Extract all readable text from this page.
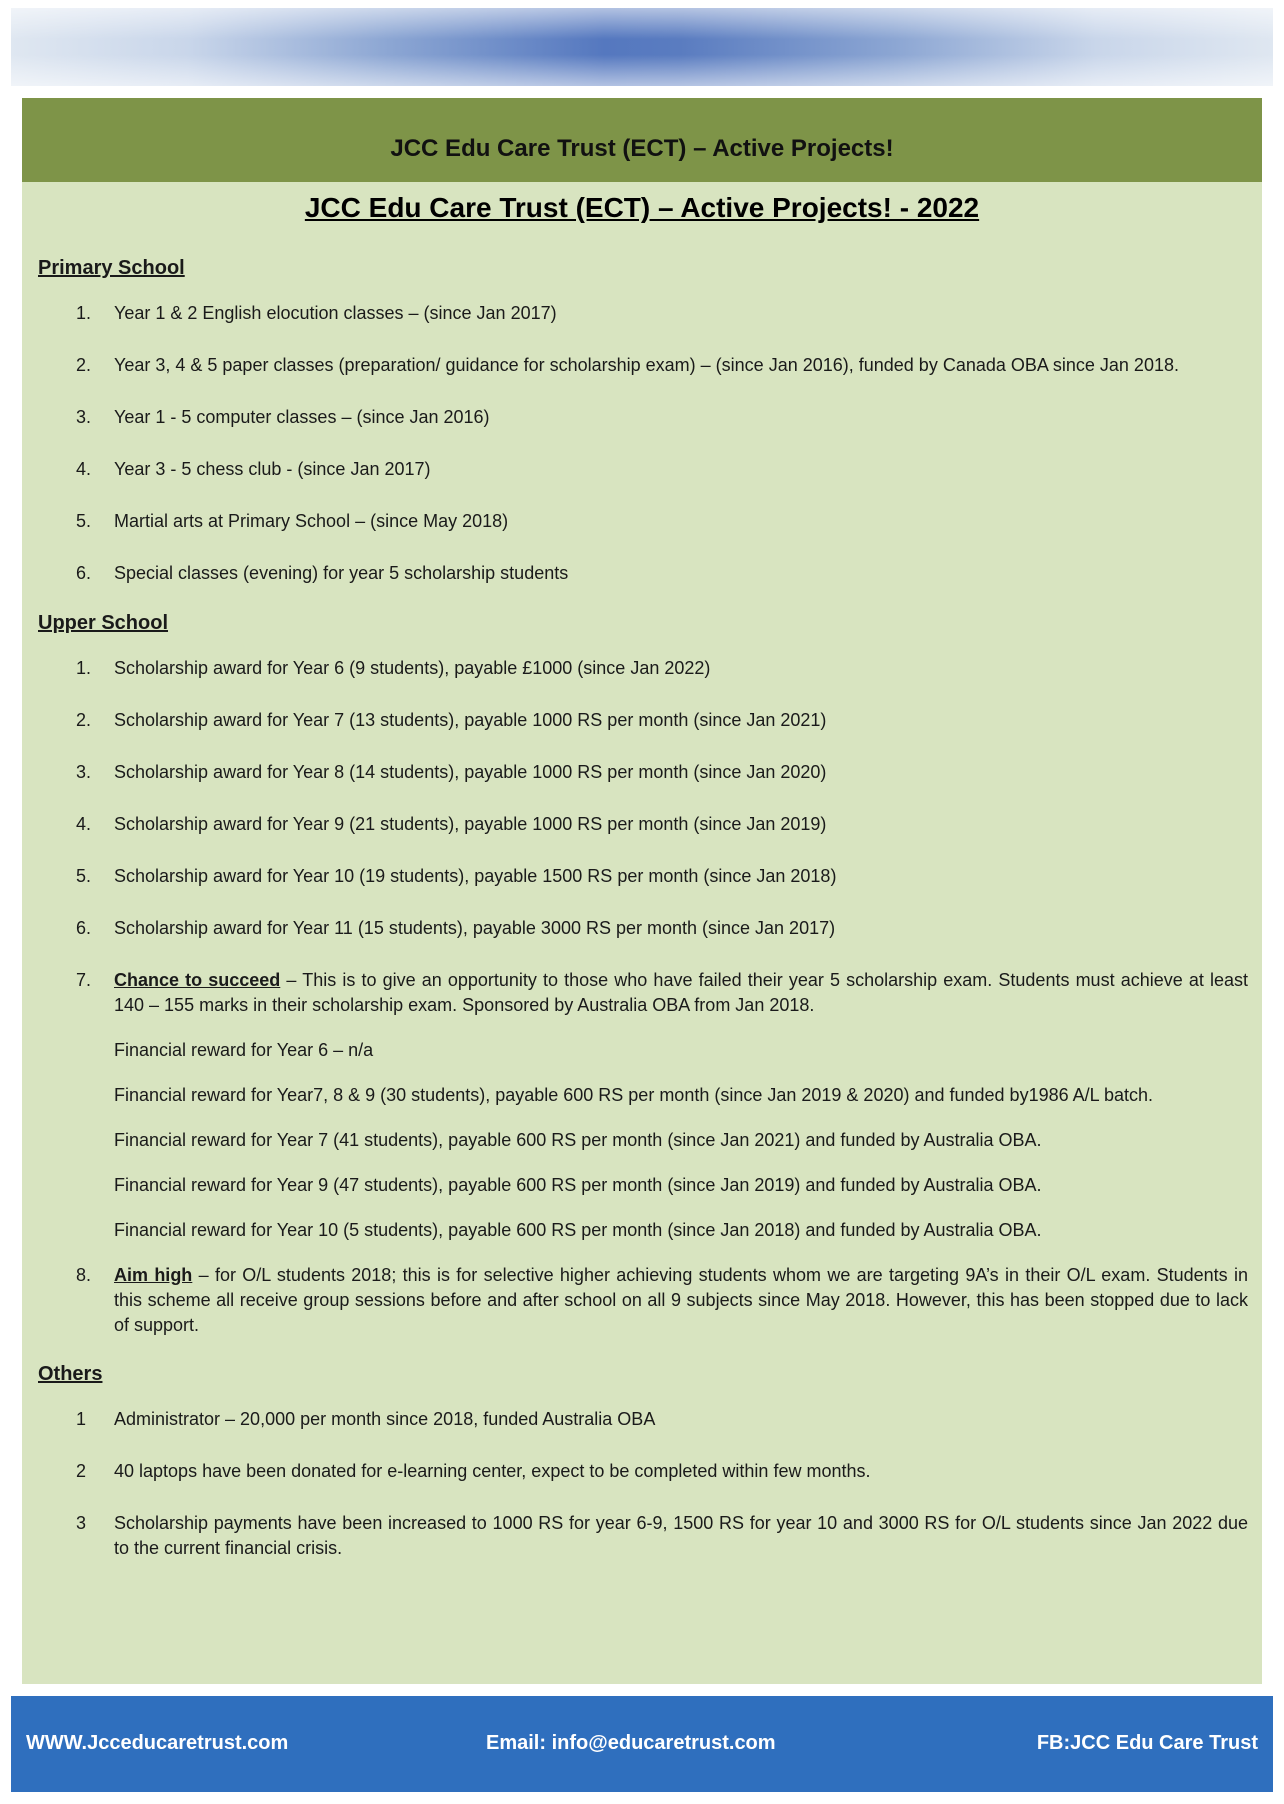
JCC Edu Care Trust (ECT) – Active Projects!
JCC Edu Care Trust (ECT) – Active Projects! - 2022
Primary School
1.	Year 1 & 2 English elocution classes – (since Jan 2017)
2.	Year 3, 4 & 5 paper classes (preparation/ guidance for scholarship exam) – (since Jan 2016), funded by Canada OBA since Jan 2018.
3.	Year 1 - 5 computer classes – (since Jan 2016)
4.	Year 3 - 5 chess club - (since Jan 2017)
5.	Martial arts at Primary School – (since May 2018)
6.	Special classes (evening) for year 5 scholarship students
Upper School
1.	Scholarship award for Year 6 (9 students), payable £1000 (since Jan 2022)
2.	Scholarship award for Year 7 (13 students), payable 1000 RS per month (since Jan 2021)
3.	Scholarship award for Year 8 (14 students), payable 1000 RS per month (since Jan 2020)
4.	Scholarship award for Year 9 (21 students), payable 1000 RS per month (since Jan 2019)
5.	Scholarship award for Year 10 (19 students), payable 1500 RS per month (since Jan 2018)
6.	Scholarship award for Year 11 (15 students), payable 3000 RS per month (since Jan 2017)
7.	Chance to succeed – This is to give an opportunity to those who have failed their year 5 scholarship exam. Students must achieve at least 140 – 155 marks in their scholarship exam. Sponsored by Australia OBA from Jan 2018.
Financial reward for Year 6 – n/a
Financial reward for Year7, 8 & 9 (30 students), payable 600 RS per month (since Jan 2019 & 2020) and funded by1986 A/L batch.
Financial reward for Year 7 (41 students), payable 600 RS per month (since Jan 2021) and funded by Australia OBA.
Financial reward for Year 9 (47 students), payable 600 RS per month (since Jan 2019) and funded by Australia OBA.
Financial reward for Year 10 (5 students), payable 600 RS per month (since Jan 2018) and funded by Australia OBA.
8.	Aim high – for O/L students 2018; this is for selective higher achieving students whom we are targeting 9A’s in their O/L exam. Students in this scheme all receive group sessions before and after school on all 9 subjects since May 2018. However, this has been stopped due to lack of support.
Others
1	Administrator – 20,000 per month since 2018, funded Australia OBA
2	40 laptops have been donated for e-learning center, expect to be completed within few months.
3	Scholarship payments have been increased to 1000 RS for year 6-9, 1500 RS for year 10 and 3000 RS for O/L students since Jan 2022 due to the current financial crisis.
WWW.Jcceducaretrust.com	Email: info@educaretrust.com	FB:JCC Edu Care Trust
